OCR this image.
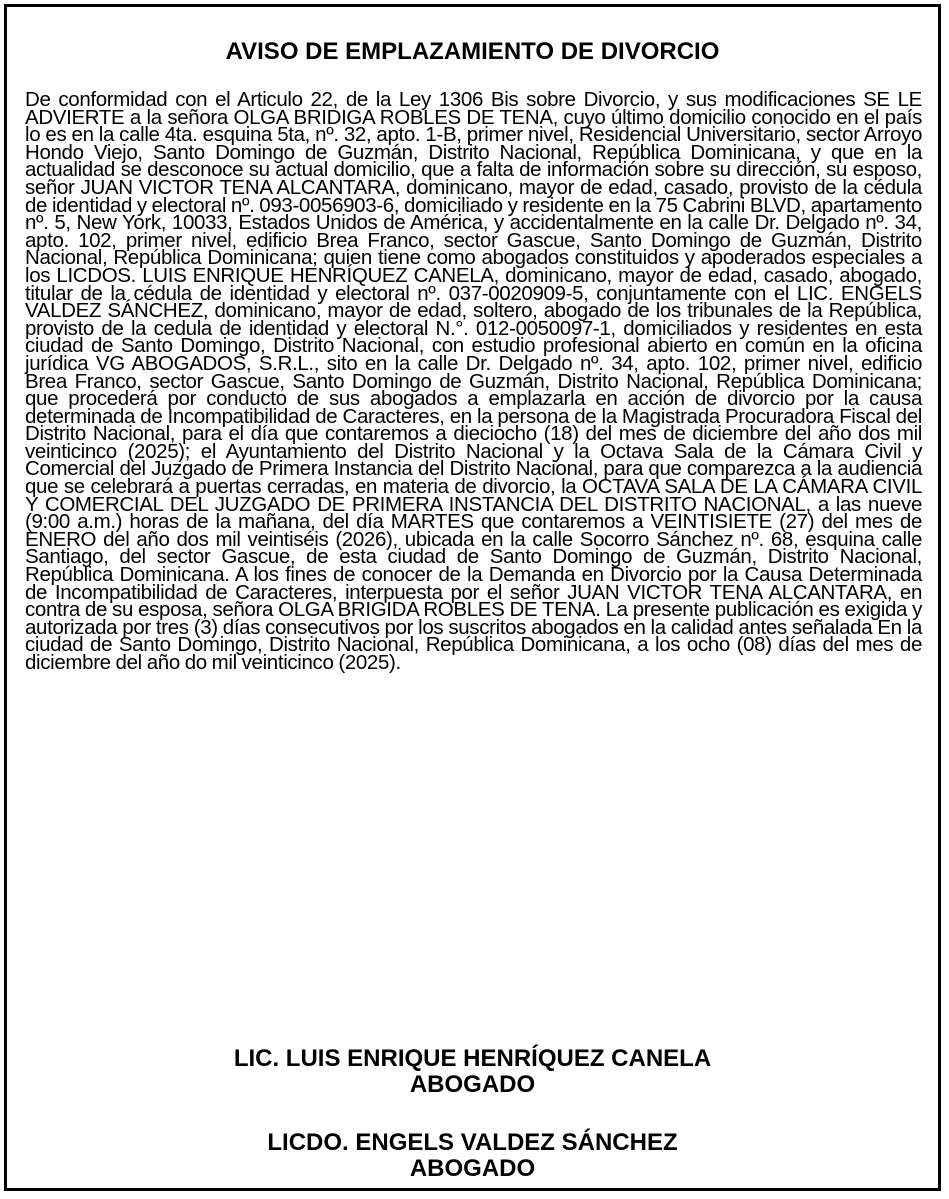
AVISO DE EMPLAZAMIENTO DE DIVORCIO

De conformidad con el Articulo 22, de la Ley 1306 Bis sobre Divorcio, y sus modificaciones SE LE ADVIERTE a la señora OLGA BRIDIGA ROBLES DE TENA, cuyo último domicilio conocido en el país lo es en la calle 4ta. esquina 5ta, nº. 32, apto. 1-B, primer nivel, Residencial Universitario, sector Arroyo Hondo Viejo, Santo Domingo de Guzmán, Distrito Nacional, República Dominicana, y que en la actualidad se desconoce su actual domicilio, que a falta de información sobre su dirección, su esposo, señor JUAN VICTOR TENA ALCANTARA, dominicano, mayor de edad, casado, provisto de la cédula de identidad y electoral nº. 093-0056903-6, domiciliado y residente en la 75 Cabrini BLVD, apartamento nº. 5, New York, 10033, Estados Unidos de América, y accidentalmente en la calle Dr. Delgado nº. 34, apto. 102, primer nivel, edificio Brea Franco, sector Gascue, Santo Domingo de Guzmán, Distrito Nacional, República Dominicana; quien tiene como abogados constituidos y apoderados especiales a los LICDOS. LUIS ENRIQUE HENRÍQUEZ CANELA, dominicano, mayor de edad, casado, abogado, titular de la cédula de identidad y electoral nº. 037-0020909-5, conjuntamente con el LIC. ENGELS VALDEZ SÁNCHEZ, dominicano, mayor de edad, soltero, abogado de los tribunales de la República, provisto de la cedula de identidad y electoral N.°. 012-0050097-1, domiciliados y residentes en esta ciudad de Santo Domingo, Distrito Nacional, con estudio profesional abierto en común en la oficina jurídica VG ABOGADOS, S.R.L., sito en la calle Dr. Delgado nº. 34, apto. 102, primer nivel, edificio Brea Franco, sector Gascue, Santo Domingo de Guzmán, Distrito Nacional, República Dominicana; que procederá por conducto de sus abogados a emplazarla en acción de divorcio por la causa determinada de Incompatibilidad de Caracteres, en la persona de la Magistrada Procuradora Fiscal del Distrito Nacional, para el día que contaremos a dieciocho (18) del mes de diciembre del año dos mil veinticinco (2025); el Ayuntamiento del Distrito Nacional y la Octava Sala de la Cámara Civil y Comercial del Juzgado de Primera Instancia del Distrito Nacional, para que comparezca a la audiencia que se celebrará a puertas cerradas, en materia de divorcio, la OCTAVA SALA DE LA CÁMARA CIVIL Y COMERCIAL DEL JUZGADO DE PRIMERA INSTANCIA DEL DISTRITO NACIONAL, a las nueve (9:00 a.m.) horas de la mañana, del día MARTES que contaremos a VEINTISIETE (27) del mes de ENERO del año dos mil veintiséis (2026), ubicada en la calle Socorro Sánchez nº. 68, esquina calle Santiago, del sector Gascue, de esta ciudad de Santo Domingo de Guzmán, Distrito Nacional, República Dominicana. A los fines de conocer de la Demanda en Divorcio por la Causa Determinada de Incompatibilidad de Caracteres, interpuesta por el señor JUAN VICTOR TENA ALCANTARA, en contra de su esposa, señora OLGA BRIGIDA ROBLES DE TENA. La presente publicación es exigida y autorizada por tres (3) días consecutivos por los suscritos abogados en la calidad antes señalada En la ciudad de Santo Domingo, Distrito Nacional, República Dominicana, a los ocho (08) días del mes de diciembre del año do mil veinticinco (2025).

LIC. LUIS ENRIQUE HENRÍQUEZ CANELA
ABOGADO
LICDO. ENGELS VALDEZ SÁNCHEZ
ABOGADO
